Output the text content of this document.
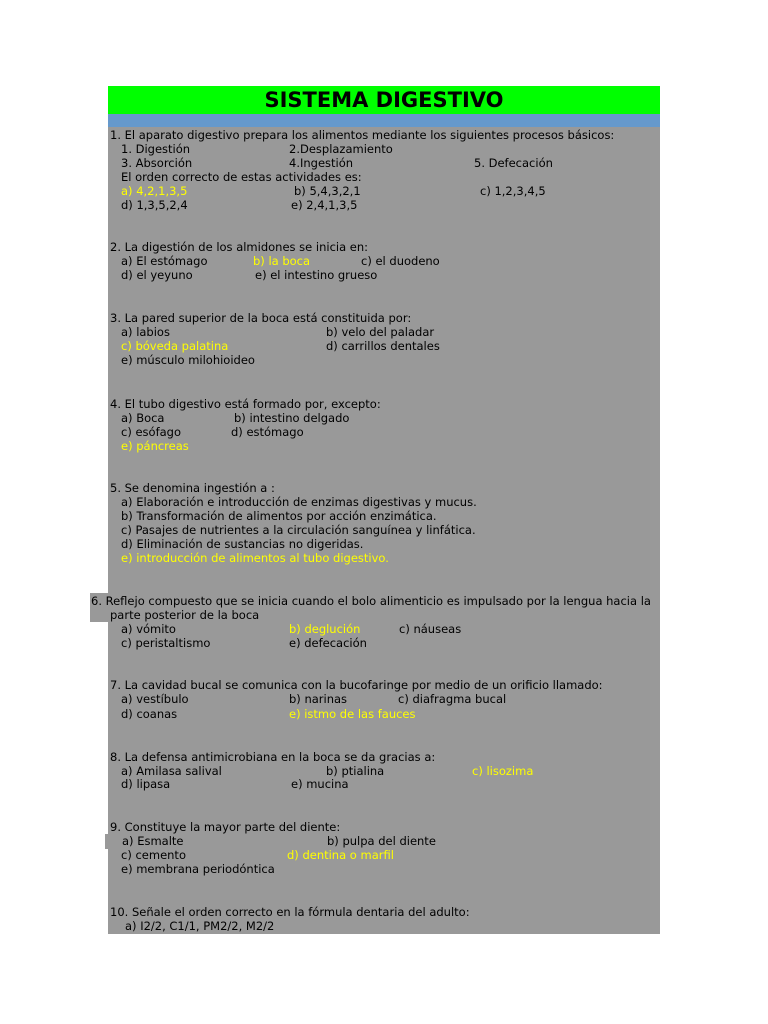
SISTEMA DIGESTIVO
1. El aparato digestivo prepara los alimentos mediante los siguientes procesos básicos:
1. Digestión	2.Desplazamiento
3. Absorción	4.Ingestión	5. Defecación
El orden correcto de estas actividades es:
a) 4,2,1,3,5	b) 5,4,3,2,1	c) 1,2,3,4,5
d) 1,3,5,2,4	e) 2,4,1,3,5
2. La digestión de los almidones se inicia en:
a) El estómago	b) la boca	c) el duodeno
d) el yeyuno	e) el intestino grueso
3. La pared superior de la boca está constituida por:
a) labios	b) velo del paladar
c) bóveda palatina	d) carrillos dentales
e) músculo milohioideo
4. El tubo digestivo está formado por, excepto:
a) Boca	b) intestino delgado
c) esófago	d) estómago
e) páncreas
5. Se denomina ingestión a :
a) Elaboración e introducción de enzimas digestivas y mucus.
b) Transformación de alimentos por acción enzimática.
c) Pasajes de nutrientes a la circulación sanguínea y linfática.
d) Eliminación de sustancias no digeridas.
e) introducción de alimentos al tubo digestivo.
6. Reflejo compuesto que se inicia cuando el bolo alimenticio es impulsado por la lengua hacia la
parte posterior de la boca
a) vómito	b) deglución	c) náuseas
c) peristaltismo	e) defecación
7. La cavidad bucal se comunica con la bucofaringe por medio de un orificio llamado:
a) vestíbulo	b) narinas	c) diafragma bucal
d) coanas	e) istmo de las fauces
8. La defensa antimicrobiana en la boca se da gracias a:
a) Amilasa salival	b) ptialina	c) lisozima
d) lipasa	e) mucina
9. Constituye la mayor parte del diente:
a) Esmalte	b) pulpa del diente
c) cemento	d) dentina o marfil
e) membrana periodóntica
10. Señale el orden correcto en la fórmula dentaria del adulto:
a) I2/2, C1/1, PM2/2, M2/2
